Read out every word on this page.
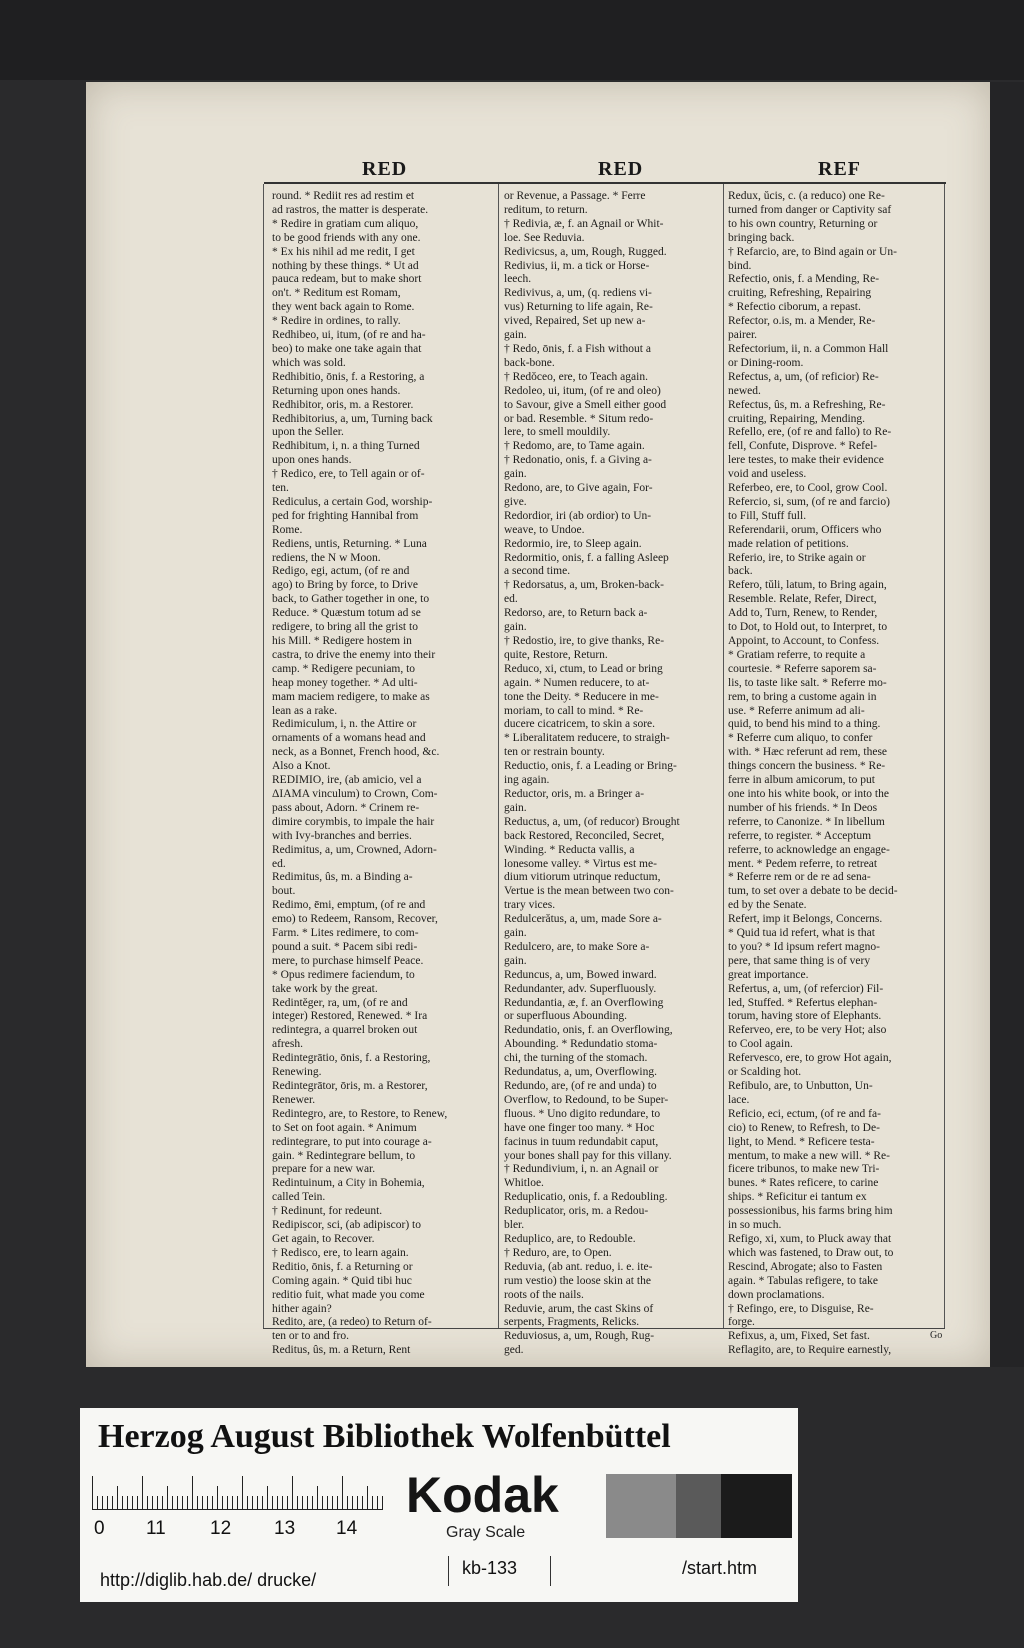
RED	RED	REF
round. * Rediit res ad restim et
ad rastros, the matter is desperate.
* Redire in gratiam cum aliquo,
to be good friends with any one.
* Ex his nihil ad me redit, I get
nothing by these things. * Ut ad
pauca redeam, but to make short
on't. * Reditum est Romam,
they went back again to Rome.
* Redire in ordines, to rally.
Redhibeo, ui, itum, (of re and ha-
beo) to make one take again that
which was sold.
Redhibitio, ōnis, f. a Restoring, a
Returning upon ones hands.
Redhibitor, oris, m. a Restorer.
Redhibitorius, a, um, Turning back
upon the Seller.
Redhibitum, i, n. a thing Turned
upon ones hands.
† Redico, ere, to Tell again or of-
ten.
Rediculus, a certain God, worship-
ped for frighting Hannibal from
Rome.
Rediens, untis, Returning. * Luna
rediens, the N w Moon.
Redigo, egi, actum, (of re and
ago) to Bring by force, to Drive
back, to Gather together in one, to
Reduce. * Quæstum totum ad se
redigere, to bring all the grist to
his Mill. * Redigere hostem in
castra, to drive the enemy into their
camp. * Redigere pecuniam, to
heap money together. * Ad ulti-
mam maciem redigere, to make as
lean as a rake.
Redimiculum, i, n. the Attire or
ornaments of a womans head and
neck, as a Bonnet, French hood, &c.
Also a Knot.
REDIMIO, ire, (ab amicio, vel a
ΔΙΑΜΑ vinculum) to Crown, Com-
pass about, Adorn. * Crinem re-
dimire corymbis, to impale the hair
with Ivy-branches and berries.
Redimitus, a, um, Crowned, Adorn-
ed.
Redimitus, ûs, m. a Binding a-
bout.
Redimo, ēmi, emptum, (of re and
emo) to Redeem, Ransom, Recover,
Farm. * Lites redimere, to com-
pound a suit. * Pacem sibi redi-
mere, to purchase himself Peace.
* Opus redimere faciendum, to
take work by the great.
Redintĕger, ra, um, (of re and
integer) Restored, Renewed. * Ira
redintegra, a quarrel broken out
afresh.
Redintegrātio, ōnis, f. a Restoring,
Renewing.
Redintegrātor, ōris, m. a Restorer,
Renewer.
Redintegro, are, to Restore, to Renew,
to Set on foot again. * Animum
redintegrare, to put into courage a-
gain. * Redintegrare bellum, to
prepare for a new war.
Redintuinum, a City in Bohemia,
called Tein.
† Redinunt, for redeunt.
Redipiscor, sci, (ab adipiscor) to
Get again, to Recover.
† Redisco, ere, to learn again.
Reditio, ōnis, f. a Returning or
Coming again. * Quid tibi huc
reditio fuit, what made you come
hither again?
Redito, are, (a redeo) to Return of-
ten or to and fro.
Reditus, ûs, m. a Return, Rent
or Revenue, a Passage. * Ferre
reditum, to return.
† Redivia, æ, f. an Agnail or Whit-
loe. See Reduvia.
Redivicsus, a, um, Rough, Rugged.
Redivius, ii, m. a tick or Horse-
leech.
Redivivus, a, um, (q. rediens vi-
vus) Returning to life again, Re-
vived, Repaired, Set up new a-
gain.
† Redo, ōnis, f. a Fish without a
back-bone.
† Redŏceo, ere, to Teach again.
Redoleo, ui, itum, (of re and oleo)
to Savour, give a Smell either good
or bad. Resemble. * Situm redo-
lere, to smell mouldily.
† Redomo, are, to Tame again.
† Redonatio, onis, f. a Giving a-
gain.
Redono, are, to Give again, For-
give.
Redordior, iri (ab ordior) to Un-
weave, to Undoe.
Redormio, ire, to Sleep again.
Redormitio, onis, f. a falling Asleep
a second time.
† Redorsatus, a, um, Broken-back-
ed.
Redorso, are, to Return back a-
gain.
† Redostio, ire, to give thanks, Re-
quite, Restore, Return.
Reduco, xi, ctum, to Lead or bring
again. * Numen reducere, to at-
tone the Deity. * Reducere in me-
moriam, to call to mind. * Re-
ducere cicatricem, to skin a sore.
* Liberalitatem reducere, to straigh-
ten or restrain bounty.
Reductio, onis, f. a Leading or Bring-
ing again.
Reductor, oris, m. a Bringer a-
gain.
Reductus, a, um, (of reducor) Brought
back Restored, Reconciled, Secret,
Winding. * Reducta vallis, a
lonesome valley. * Virtus est me-
dium vitiorum utrinque reductum,
Vertue is the mean between two con-
trary vices.
Redulcerătus, a, um, made Sore a-
gain.
Redulcero, are, to make Sore a-
gain.
Reduncus, a, um, Bowed inward.
Redundanter, adv. Superfluously.
Redundantia, æ, f. an Overflowing
or superfluous Abounding.
Redundatio, onis, f. an Overflowing,
Abounding. * Redundatio stoma-
chi, the turning of the stomach.
Redundatus, a, um, Overflowing.
Redundo, are, (of re and unda) to
Overflow, to Redound, to be Super-
fluous. * Uno digito redundare, to
have one finger too many. * Hoc
facinus in tuum redundabit caput,
your bones shall pay for this villany.
† Redundivium, i, n. an Agnail or
Whitloe.
Reduplicatio, onis, f. a Redoubling.
Reduplicator, oris, m. a Redou-
bler.
Reduplico, are, to Redouble.
† Reduro, are, to Open.
Reduvia, (ab ant. reduo, i. e. ite-
rum vestio) the loose skin at the
roots of the nails.
Reduvie, arum, the cast Skins of
serpents, Fragments, Relicks.
Reduviosus, a, um, Rough, Rug-
ged.
Redux, ŭcis, c. (a reduco) one Re-
turned from danger or Captivity saf
to his own country, Returning or
bringing back.
† Refarcio, are, to Bind again or Un-
bind.
Refectio, onis, f. a Mending, Re-
cruiting, Refreshing, Repairing
* Refectio ciborum, a repast.
Refector, o.is, m. a Mender, Re-
pairer.
Refectorium, ii, n. a Common Hall
or Dining-room.
Refectus, a, um, (of reficior) Re-
newed.
Refectus, ûs, m. a Refreshing, Re-
cruiting, Repairing, Mending.
Refello, ere, (of re and fallo) to Re-
fell, Confute, Disprove. * Refel-
lere testes, to make their evidence
void and useless.
Referbeo, ere, to Cool, grow Cool.
Refercio, si, sum, (of re and farcio)
to Fill, Stuff full.
Referendarii, orum, Officers who
made relation of petitions.
Referio, ire, to Strike again or
back.
Refero, tŭli, latum, to Bring again,
Resemble. Relate, Refer, Direct,
Add to, Turn, Renew, to Render,
to Dot, to Hold out, to Interpret, to
Appoint, to Account, to Confess.
* Gratiam referre, to requite a
courtesie. * Referre saporem sa-
lis, to taste like salt. * Referre mo-
rem, to bring a custome again in
use. * Referre animum ad ali-
quid, to bend his mind to a thing.
* Referre cum aliquo, to confer
with. * Hæc referunt ad rem, these
things concern the business. * Re-
ferre in album amicorum, to put
one into his white book, or into the
number of his friends. * In Deos
referre, to Canonize. * In libellum
referre, to register. * Acceptum
referre, to acknowledge an engage-
ment. * Pedem referre, to retreat
* Referre rem or de re ad sena-
tum, to set over a debate to be decid-
ed by the Senate.
Refert, imp it Belongs, Concerns.
* Quid tua id refert, what is that
to you? * Id ipsum refert magno-
pere, that same thing is of very
great importance.
Refertus, a, um, (of refercior) Fil-
led, Stuffed. * Refertus elephan-
torum, having store of Elephants.
Referveo, ere, to be very Hot; also
to Cool again.
Refervesco, ere, to grow Hot again,
or Scalding hot.
Refibulo, are, to Unbutton, Un-
lace.
Reficio, eci, ectum, (of re and fa-
cio) to Renew, to Refresh, to De-
light, to Mend. * Reficere testa-
mentum, to make a new will. * Re-
ficere tribunos, to make new Tri-
bunes. * Rates reficere, to carine
ships. * Reficitur ei tantum ex
possessionibus, his farms bring him
in so much.
Refigo, xi, xum, to Pluck away that
which was fastened, to Draw out, to
Rescind, Abrogate; also to Fasten
again. * Tabulas refigere, to take
down proclamations.
† Refingo, ere, to Disguise, Re-
forge.
Refixus, a, um, Fixed, Set fast.
Reflagito, are, to Require earnestly,
Go
Herzog August Bibliothek Wolfenbüttel
0 11 12 13 14
Kodak
Gray Scale
kb-133
http://diglib.hab.de/ drucke/
/start.htm
